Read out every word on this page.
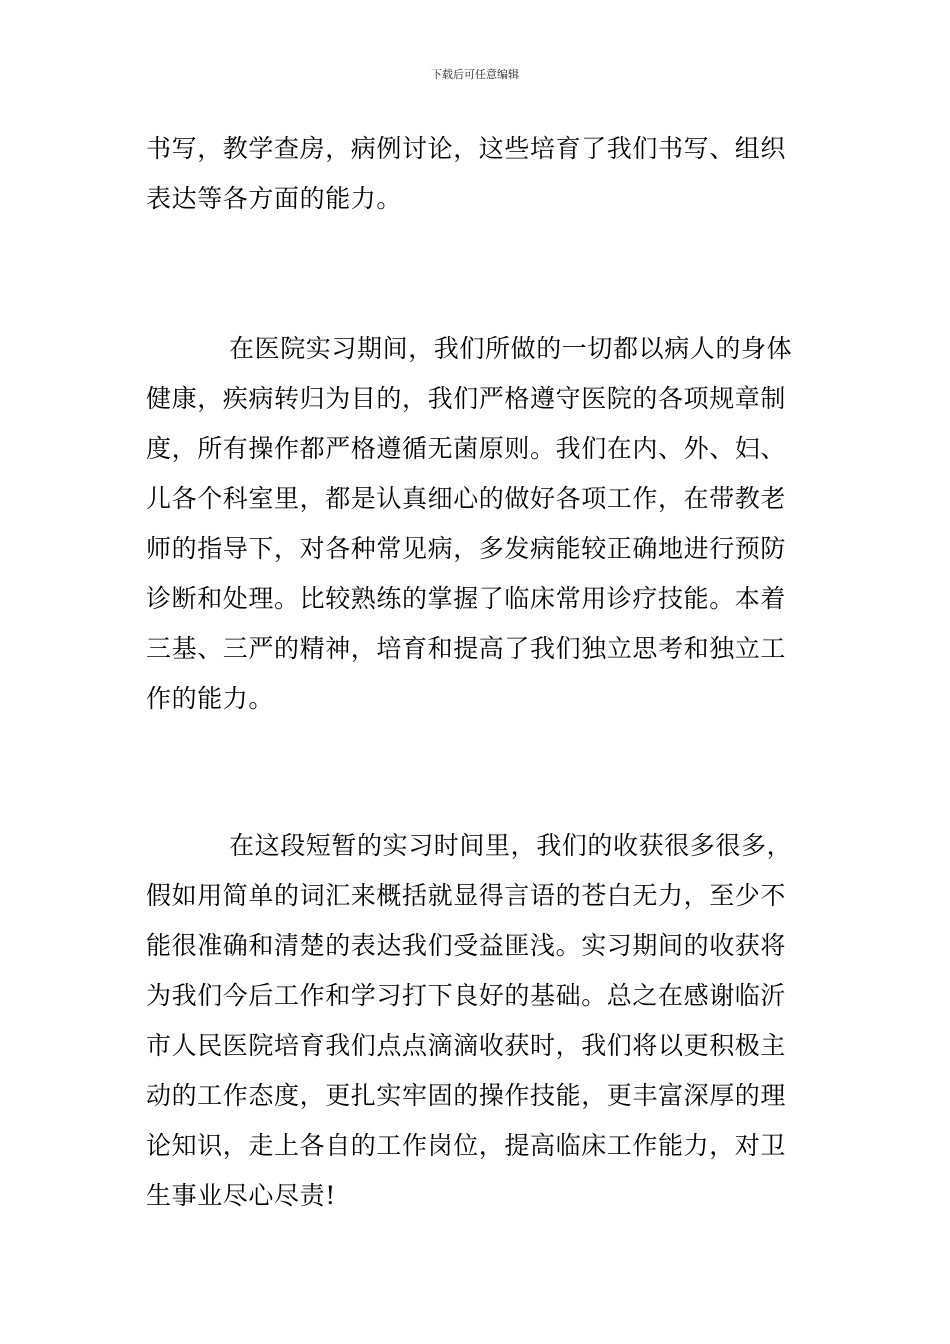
下载后可任意编辑
书写，教学查房，病例讨论，这些培育了我们书写、组织
表达等各方面的能力。
在医院实习期间，我们所做的一切都以病人的身体
健康，疾病转归为目的，我们严格遵守医院的各项规章制
度，所有操作都严格遵循无菌原则。我们在内、外、妇、
儿各个科室里，都是认真细心的做好各项工作，在带教老
师的指导下，对各种常见病，多发病能较正确地进行预防
诊断和处理。比较熟练的掌握了临床常用诊疗技能。本着
三基、三严的精神，培育和提高了我们独立思考和独立工
作的能力。
在这段短暂的实习时间里，我们的收获很多很多，
假如用简单的词汇来概括就显得言语的苍白无力，至少不
能很准确和清楚的表达我们受益匪浅。实习期间的收获将
为我们今后工作和学习打下良好的基础。总之在感谢临沂
市人民医院培育我们点点滴滴收获时，我们将以更积极主
动的工作态度，更扎实牢固的操作技能，更丰富深厚的理
论知识，走上各自的工作岗位，提高临床工作能力，对卫
生事业尽心尽责!
